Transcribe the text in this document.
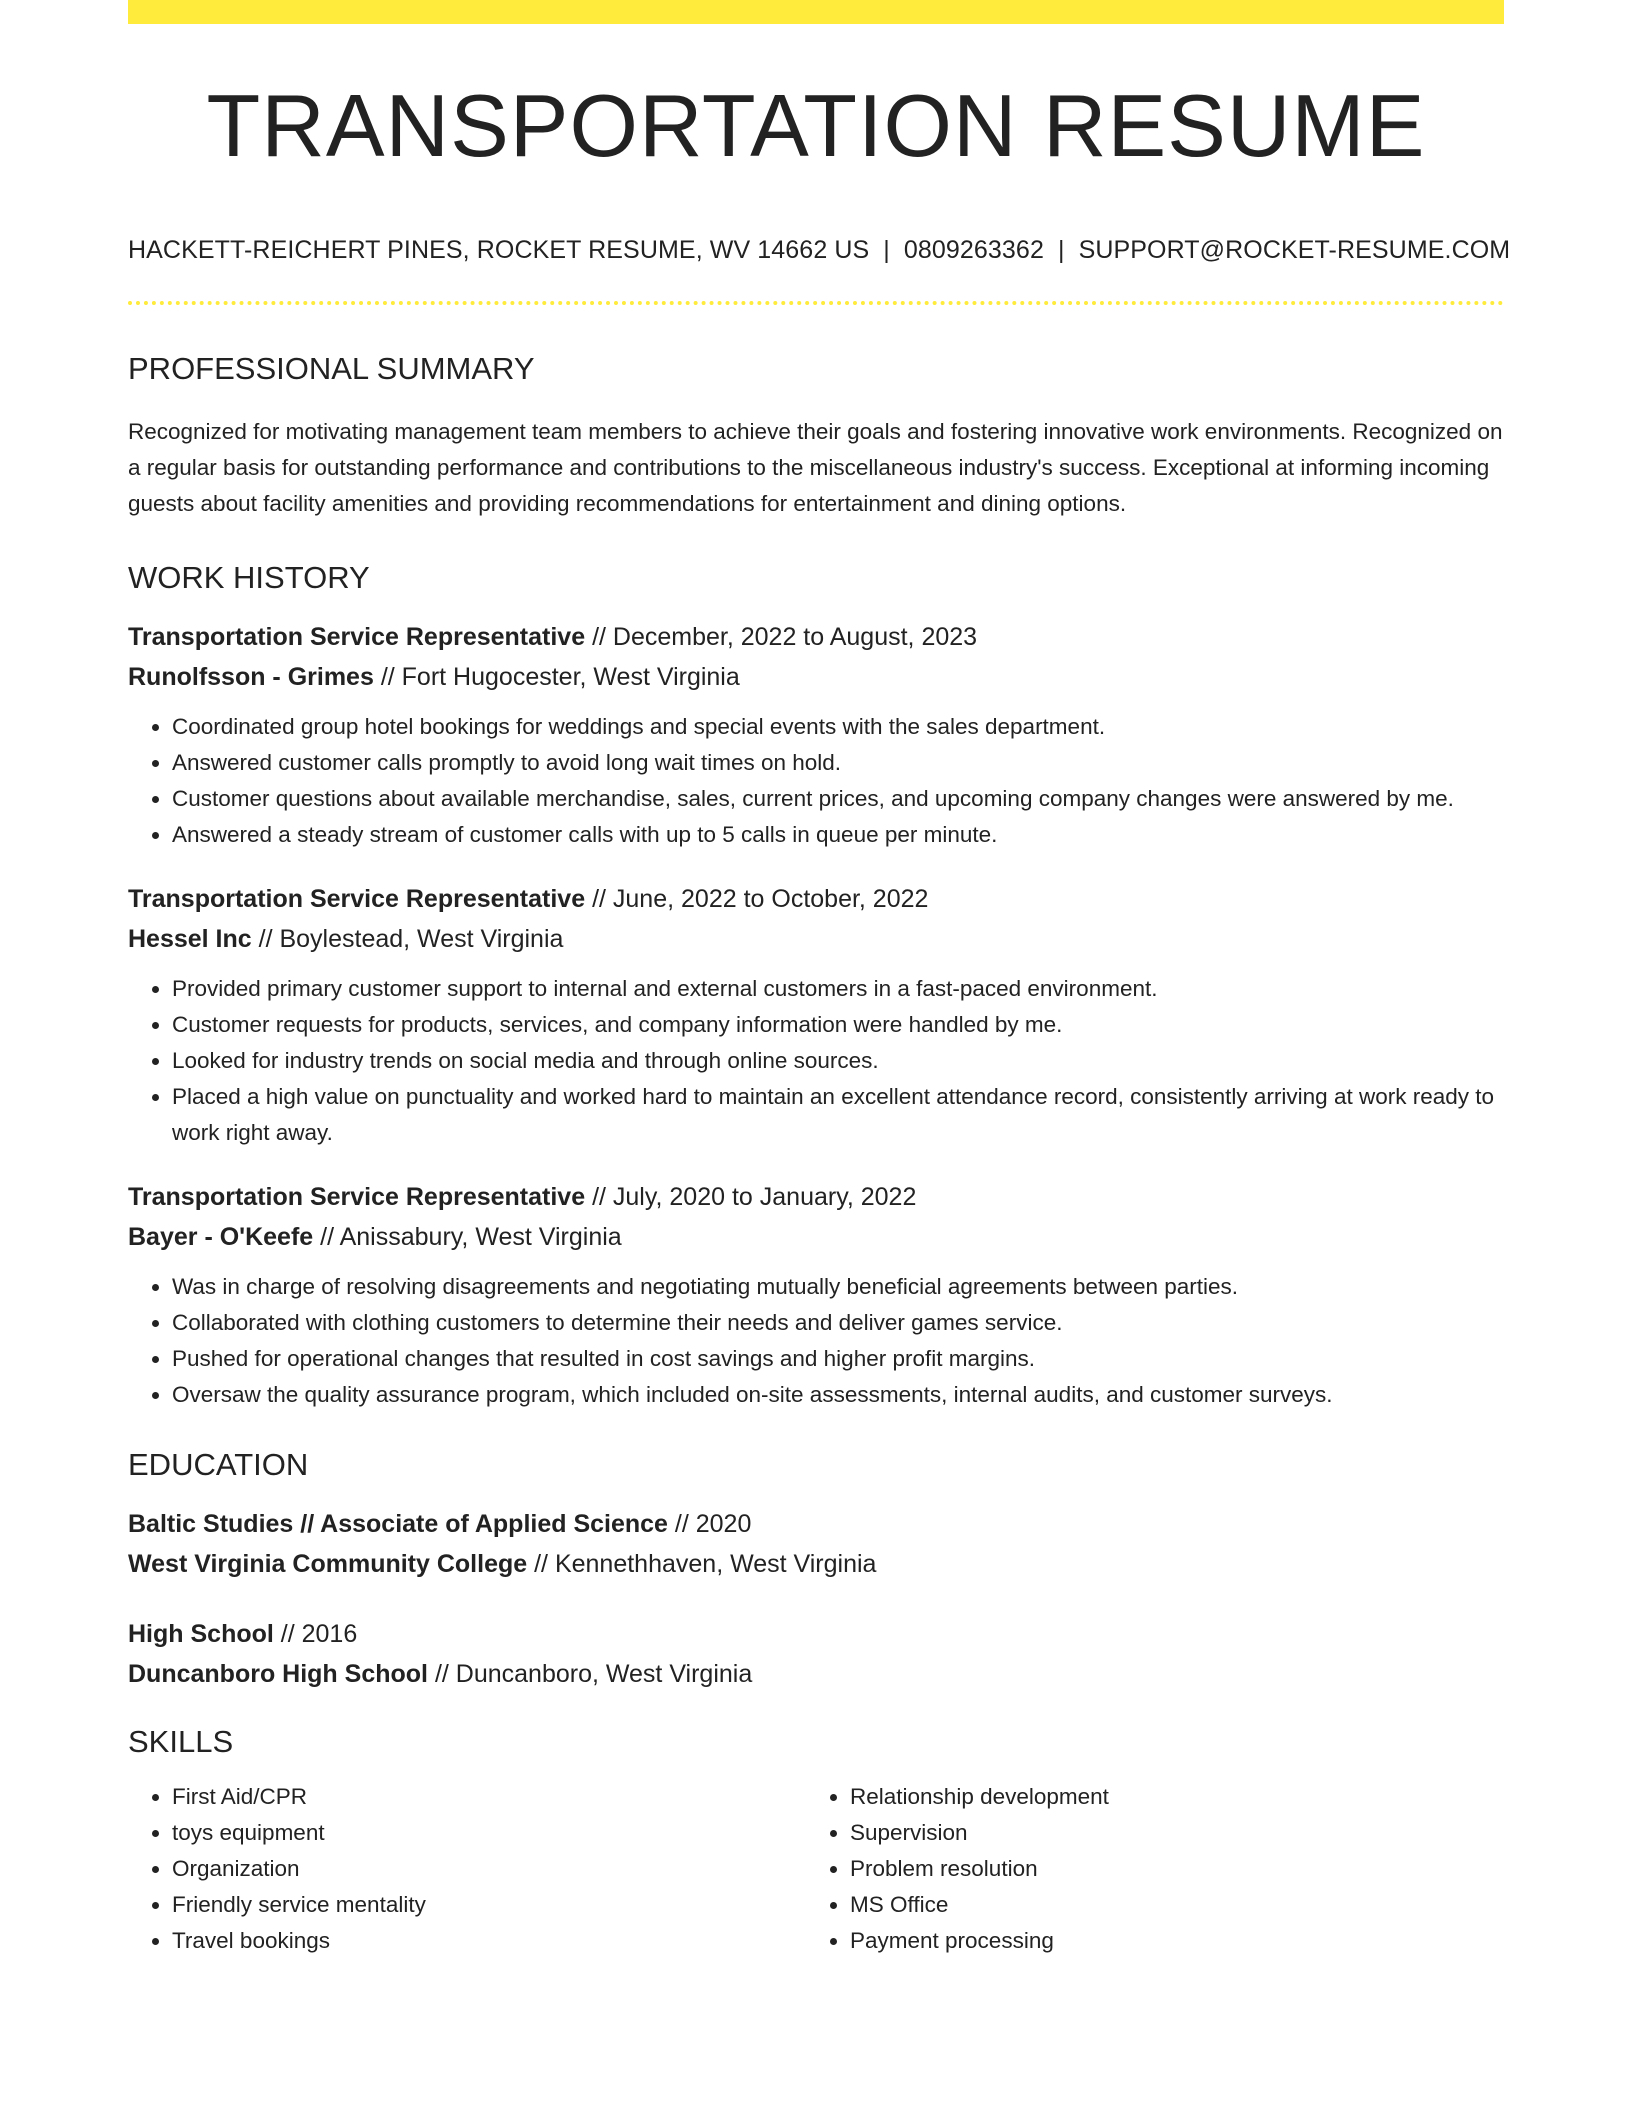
TRANSPORTATION RESUME
HACKETT-REICHERT PINES, ROCKET RESUME, WV 14662 US | 0809263362 | SUPPORT@ROCKET-RESUME.COM
PROFESSIONAL SUMMARY

Recognized for motivating management team members to achieve their goals and fostering innovative work environments. Recognized on a regular basis for outstanding performance and contributions to the miscellaneous industry's success. Exceptional at informing incoming guests about facility amenities and providing recommendations for entertainment and dining options.

WORK HISTORY

Transportation Service Representative // December, 2022 to August, 2023

Runolfsson - Grimes // Fort Hugocester, West Virginia

• Coordinated group hotel bookings for weddings and special events with the sales department.
• Answered customer calls promptly to avoid long wait times on hold.
• Customer questions about available merchandise, sales, current prices, and upcoming company changes were answered by me.
• Answered a steady stream of customer calls with up to 5 calls in queue per minute.

Transportation Service Representative // June, 2022 to October, 2022

Hessel Inc // Boylestead, West Virginia

• Provided primary customer support to internal and external customers in a fast-paced environment.
• Customer requests for products, services, and company information were handled by me.
• Looked for industry trends on social media and through online sources.
• Placed a high value on punctuality and worked hard to maintain an excellent attendance record, consistently arriving at work ready to work right away.

Transportation Service Representative // July, 2020 to January, 2022

Bayer - O'Keefe // Anissabury, West Virginia

• Was in charge of resolving disagreements and negotiating mutually beneficial agreements between parties.
• Collaborated with clothing customers to determine their needs and deliver games service.
• Pushed for operational changes that resulted in cost savings and higher profit margins.
• Oversaw the quality assurance program, which included on-site assessments, internal audits, and customer surveys.
EDUCATION

Baltic Studies // Associate of Applied Science // 2020

West Virginia Community College // Kennethhaven, West Virginia

High School // 2016

Duncanboro High School // Duncanboro, West Virginia

SKILLS
• First Aid/CPR
• toys equipment
• Organization
• Friendly service mentality
• Travel bookings
• Relationship development
• Supervision
• Problem resolution
• MS Office
• Payment processing
